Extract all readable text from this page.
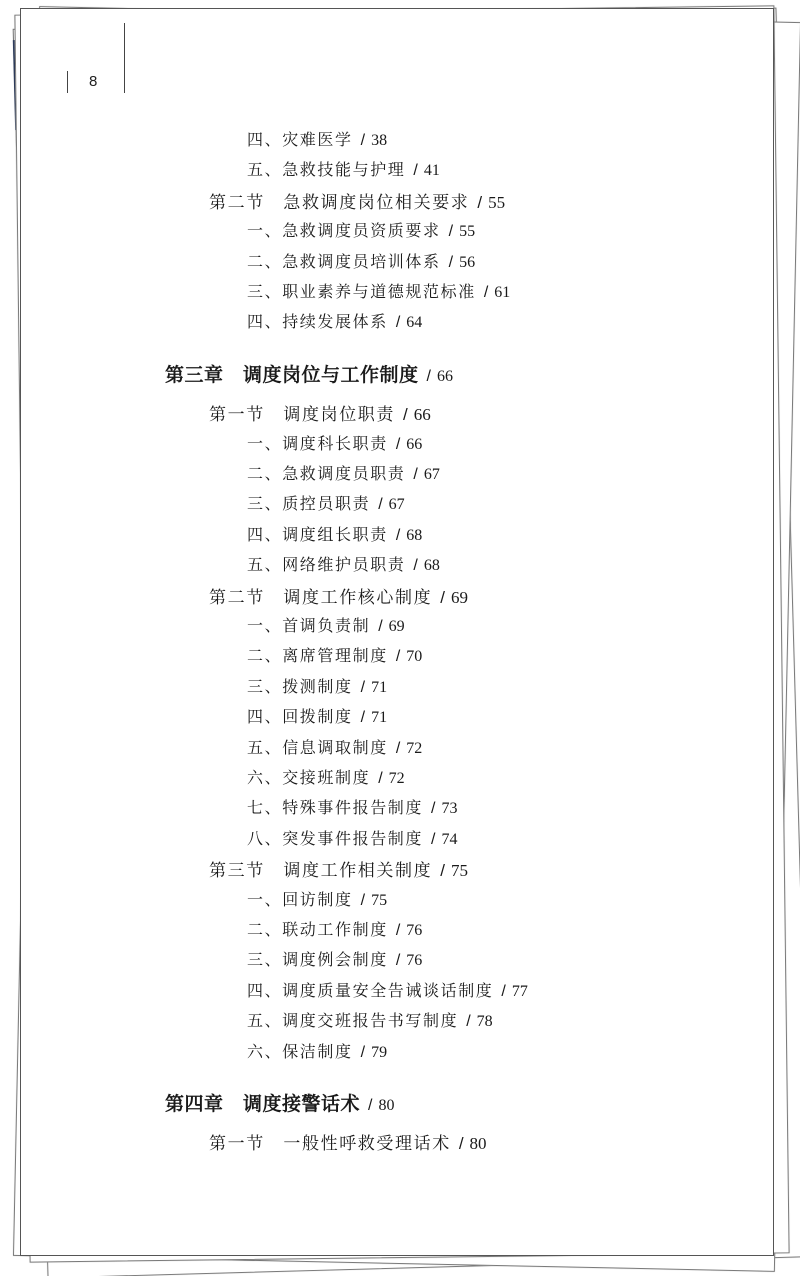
8
四、灾难医学 / 38
五、急救技能与护理 / 41
第二节　急救调度岗位相关要求 / 55
一、急救调度员资质要求 / 55
二、急救调度员培训体系 / 56
三、职业素养与道德规范标准 / 61
四、持续发展体系 / 64
第三章　调度岗位与工作制度 / 66
第一节　调度岗位职责 / 66
一、调度科长职责 / 66
二、急救调度员职责 / 67
三、质控员职责 / 67
四、调度组长职责 / 68
五、网络维护员职责 / 68
第二节　调度工作核心制度 / 69
一、首调负责制 / 69
二、离席管理制度 / 70
三、拨测制度 / 71
四、回拨制度 / 71
五、信息调取制度 / 72
六、交接班制度 / 72
七、特殊事件报告制度 / 73
八、突发事件报告制度 / 74
第三节　调度工作相关制度 / 75
一、回访制度 / 75
二、联动工作制度 / 76
三、调度例会制度 / 76
四、调度质量安全告诫谈话制度 / 77
五、调度交班报告书写制度 / 78
六、保洁制度 / 79
第四章　调度接警话术 / 80
第一节　一般性呼救受理话术 / 80
